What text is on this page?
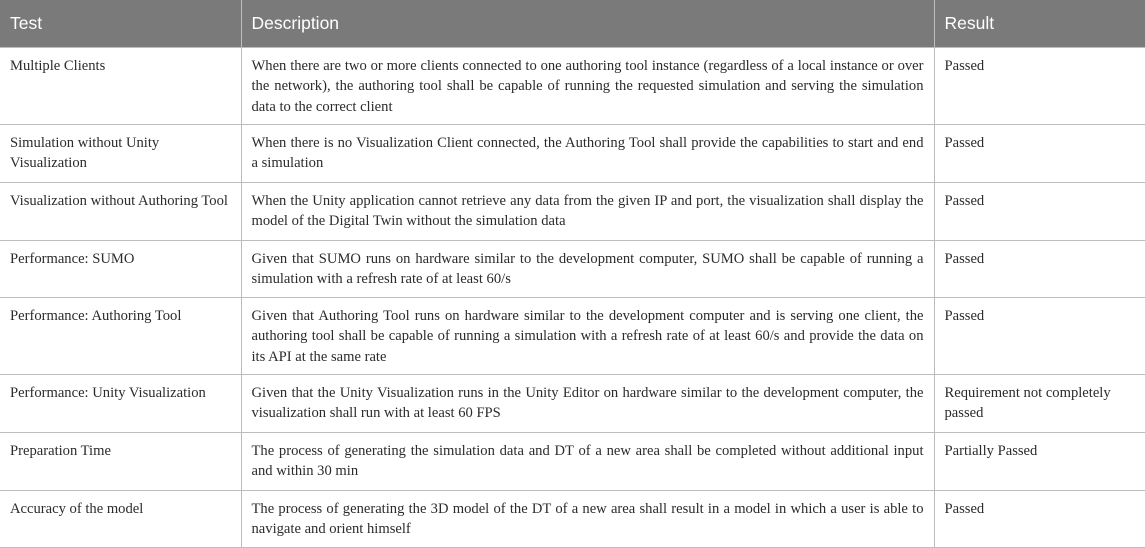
Test	Description	Result
Multiple Clients	When there are two or more clients connected to one authoring tool instance (regardless of a local instance or over the network), the authoring tool shall be capable of running the requested simulation and serving the simulation data to the correct client	Passed
Simulation without Unity Visualization	When there is no Visualization Client connected, the Authoring Tool shall provide the capabilities to start and end a simulation	Passed
Visualization without Authoring Tool	When the Unity application cannot retrieve any data from the given IP and port, the visualization shall display the model of the Digital Twin without the simulation data	Passed
Performance: SUMO	Given that SUMO runs on hardware similar to the development computer, SUMO shall be capable of running a simulation with a refresh rate of at least 60/s	Passed
Performance: Authoring Tool	Given that Authoring Tool runs on hardware similar to the development computer and is serving one client, the authoring tool shall be capable of running a simulation with a refresh rate of at least 60/s and provide the data on its API at the same rate	Passed
Performance: Unity Visualization	Given that the Unity Visualization runs in the Unity Editor on hardware similar to the development computer, the visualization shall run with at least 60 FPS	Requirement not completely passed
Preparation Time	The process of generating the simulation data and DT of a new area shall be completed without additional input and within 30 min	Partially Passed
Accuracy of the model	The process of generating the 3D model of the DT of a new area shall result in a model in which a user is able to navigate and orient himself	Passed
